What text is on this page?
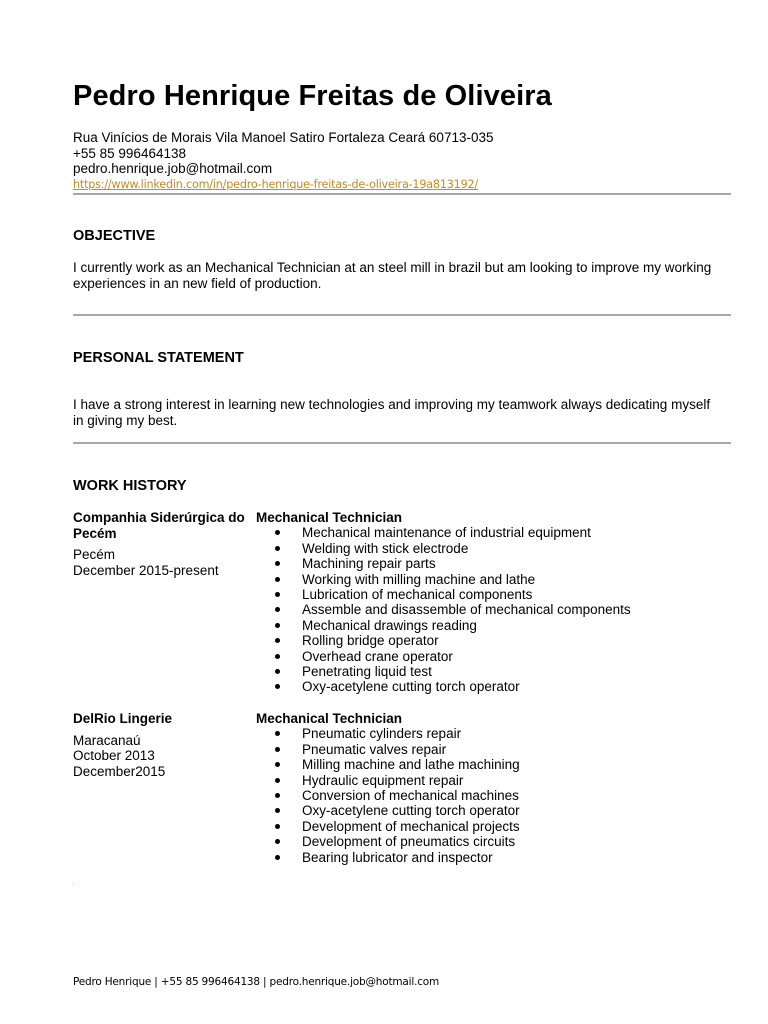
Pedro Henrique Freitas de Oliveira
Rua Vinícios de Morais Vila Manoel Satiro Fortaleza Ceará 60713-035
+55 85 996464138
pedro.henrique.job@hotmail.com
https://www.linkedin.com/in/pedro-henrique-freitas-de-oliveira-19a813192/
OBJECTIVE
I currently work as an Mechanical Technician at an steel mill in brazil but am looking to improve my working experiences in an new field of production.
PERSONAL STATEMENT
I have a strong interest in learning new technologies and improving my teamwork always dedicating myself in giving my best.
WORK HISTORY
Companhia Siderúrgica do Pecém
Pecém
December 2015-present
Mechanical Technician
Mechanical maintenance of industrial equipment
Welding with stick electrode
Machining repair parts
Working with milling machine and lathe
Lubrication of mechanical components
Assemble and disassemble of mechanical components
Mechanical drawings reading
Rolling bridge operator
Overhead crane operator
Penetrating liquid test
Oxy-acetylene cutting torch operator
DelRio Lingerie
Maracanaú
October 2013
December2015
Mechanical Technician
Pneumatic cylinders repair
Pneumatic valves repair
Milling machine and lathe machining
Hydraulic equipment repair
Conversion of mechanical machines
Oxy-acetylene cutting torch operator
Development of mechanical projects
Development of pneumatics circuits
Bearing lubricator and inspector
Pedro Henrique | +55 85 996464138 | pedro.henrique.job@hotmail.com
